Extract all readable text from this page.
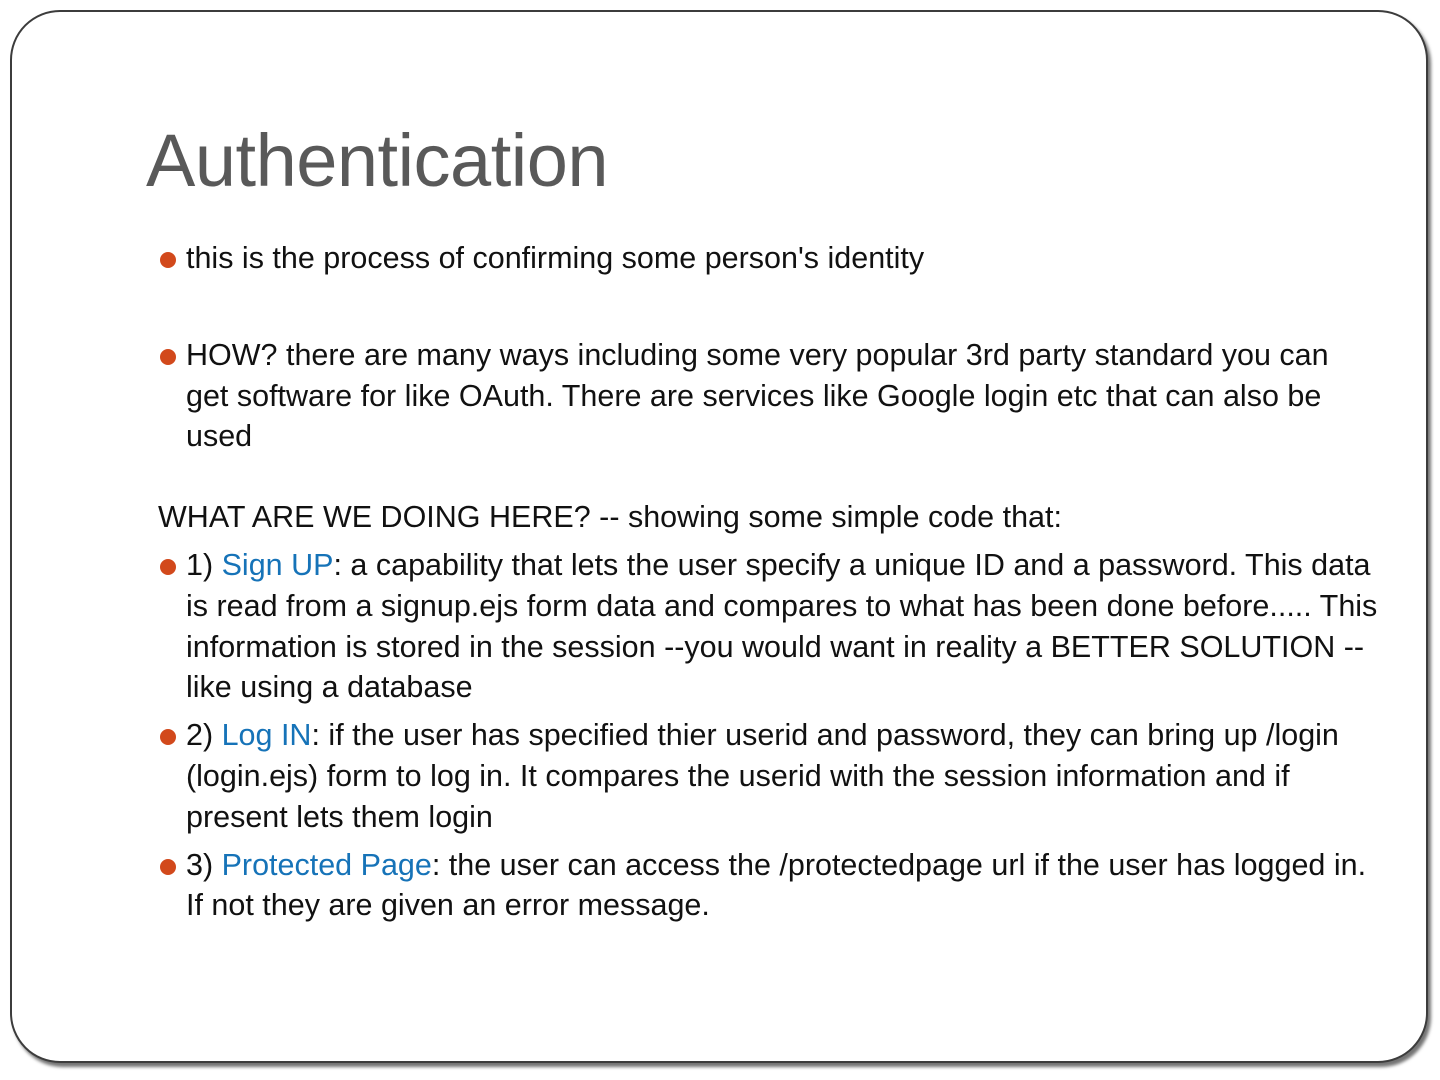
Authentication
this is the process of confirming some person's identity
HOW? there are many ways including some very popular 3rd party standard you can get software for like OAuth. There are services like Google login etc that can also be used
WHAT ARE WE DOING HERE? -- showing some simple code that:
1) Sign UP: a capability that lets the user specify a unique ID and a password. This data is read from a signup.ejs form data and compares to what has been done before..... This information is stored in the session --you would want in reality a BETTER SOLUTION --like using a database
2) Log IN: if the user has specified thier userid and password, they can bring up /login (login.ejs) form to log in. It compares the userid with the session information and if present lets them login
3) Protected Page: the user can access the /protectedpage url if the user has logged in. If not they are given an error message.
